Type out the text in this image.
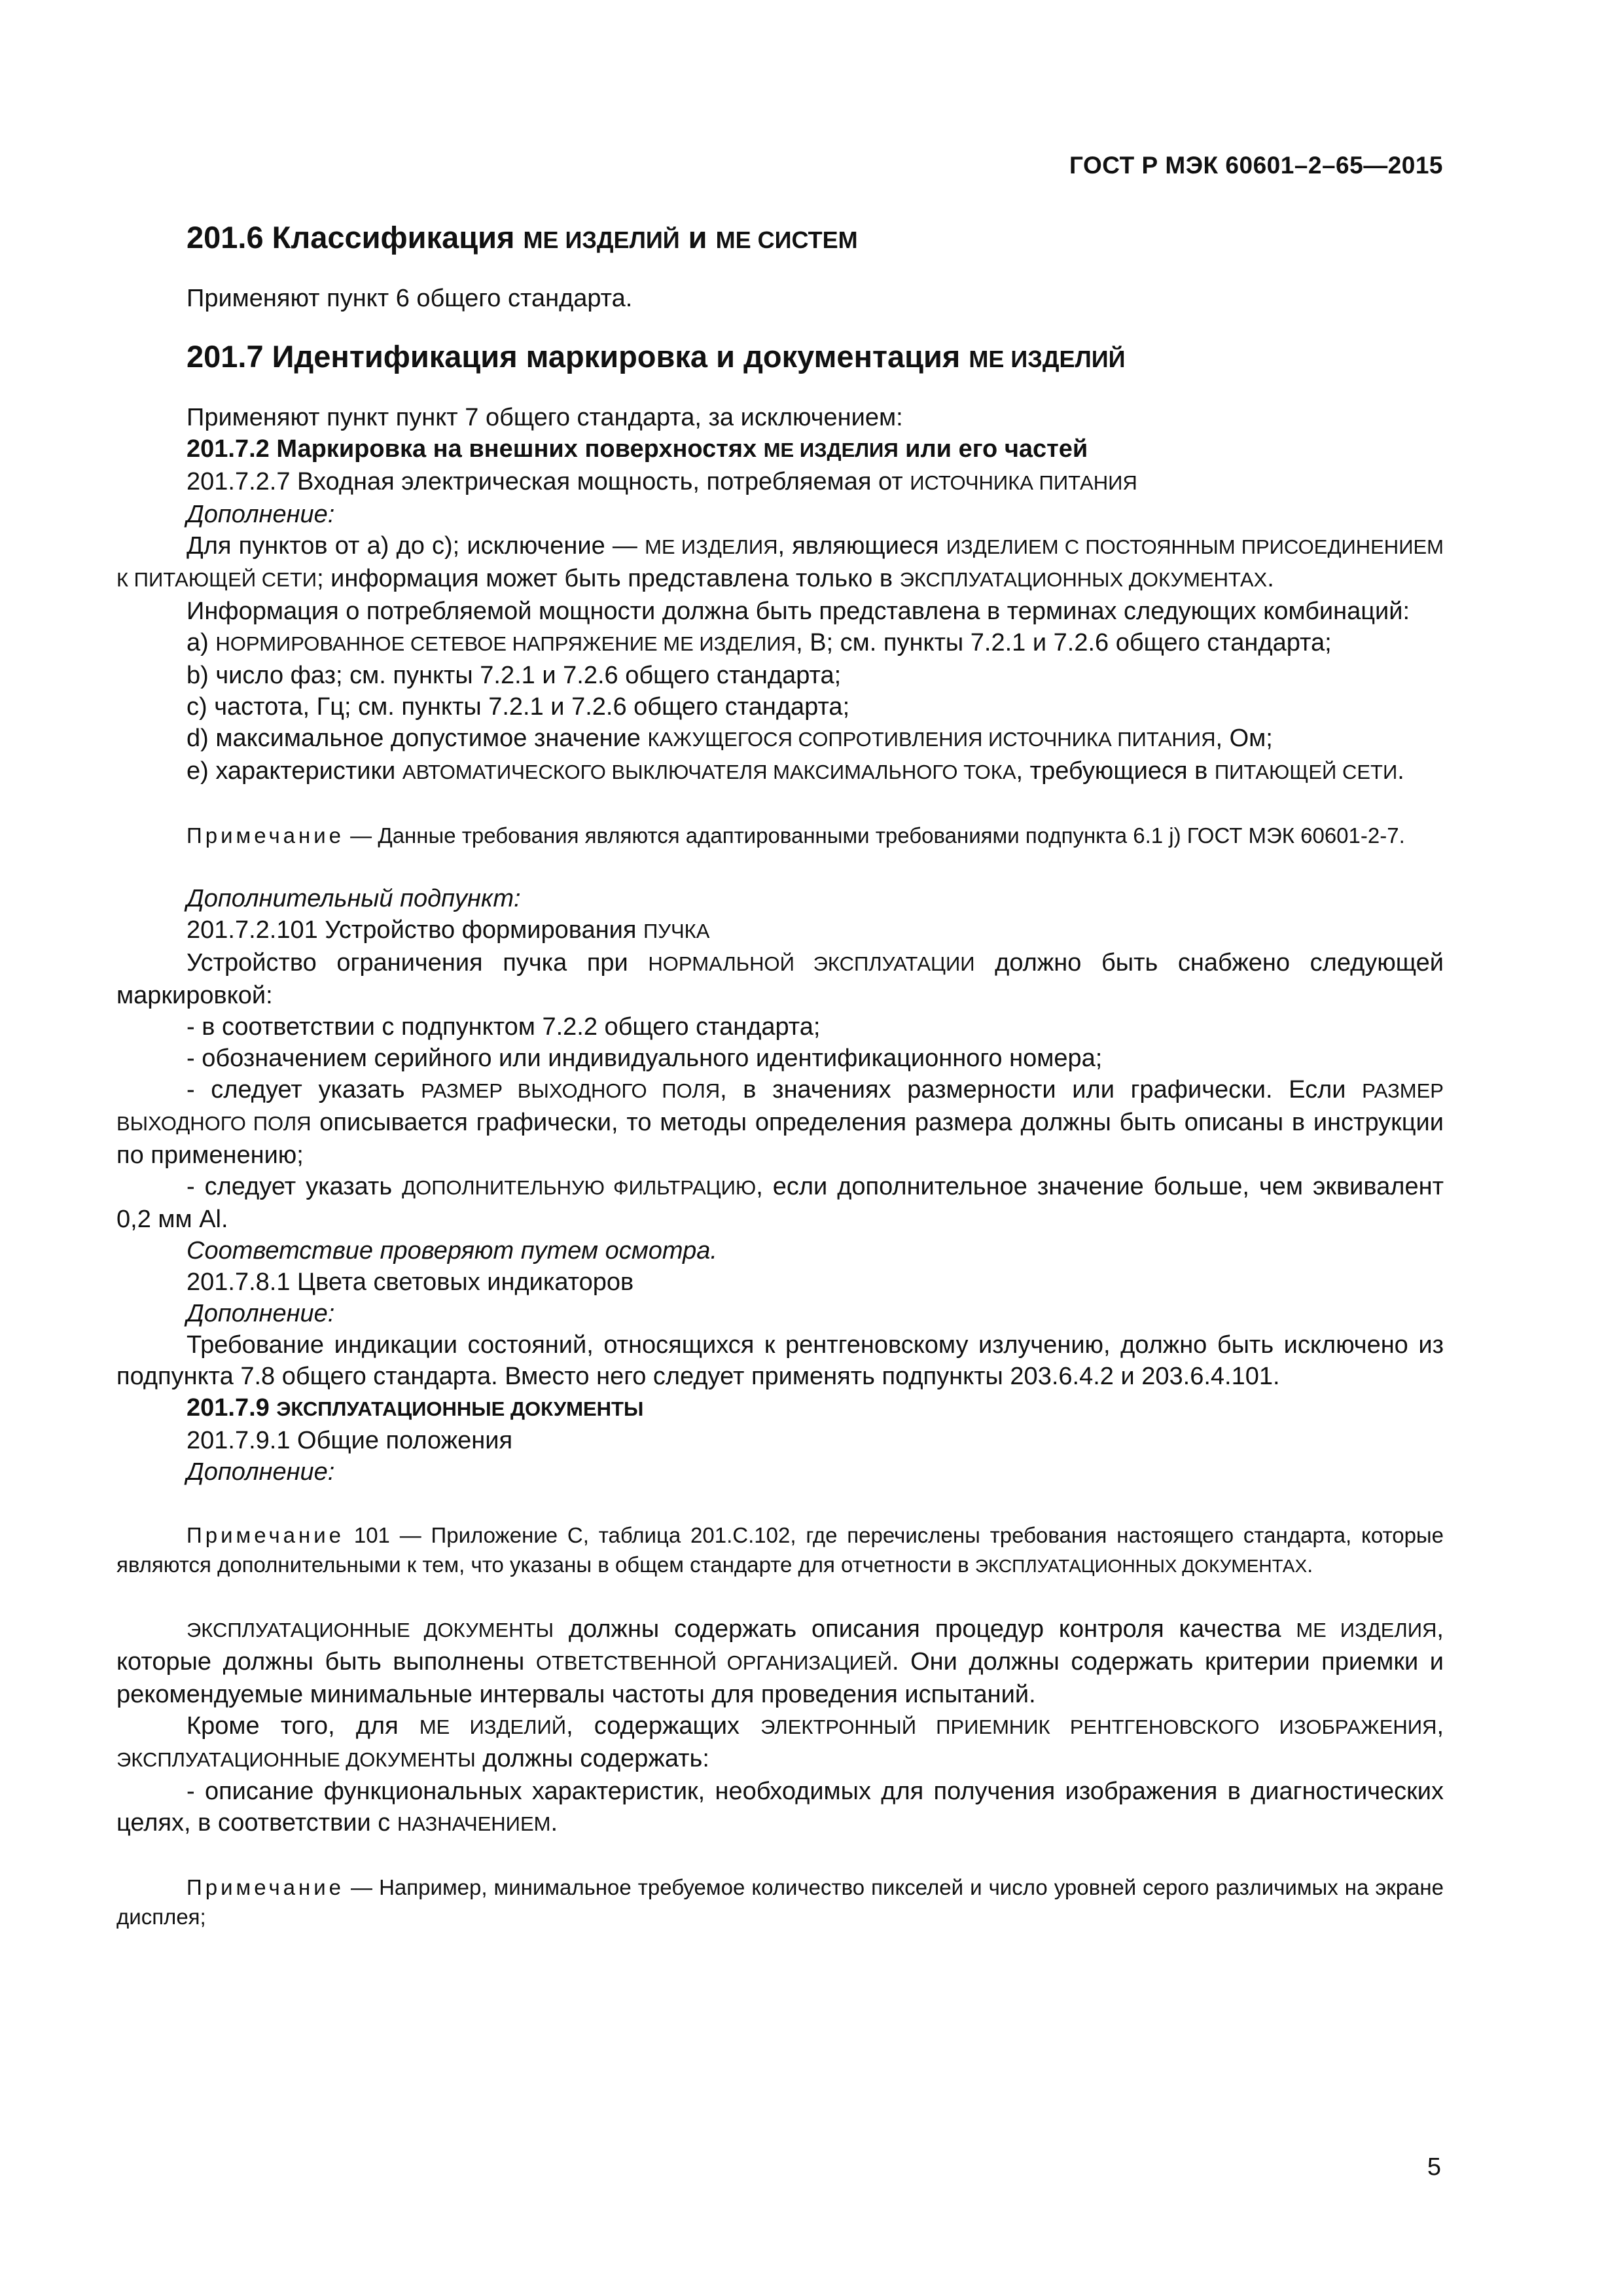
ГОСТ Р МЭК 60601–2–65—2015
201.6 Классификация МЕ ИЗДЕЛИЙ и МЕ СИСТЕМ

Применяют пункт 6 общего стандарта.

201.7 Идентификация маркировка и документация МЕ ИЗДЕЛИЙ

Применяют пункт пункт 7 общего стандарта, за исключением:

201.7.2 Маркировка на внешних поверхностях МЕ ИЗДЕЛИЯ или его частей

201.7.2.7 Входная электрическая мощность, потребляемая от ИСТОЧНИКА ПИТАНИЯ

Дополнение:

Для пунктов от а) до с); исключение — МЕ ИЗДЕЛИЯ, являющиеся ИЗДЕЛИЕМ С ПОСТОЯННЫМ ПРИСОЕДИНЕНИЕМ К ПИТАЮЩЕЙ СЕТИ; информация может быть представлена только в ЭКСПЛУАТАЦИОННЫХ ДОКУМЕНТАХ.

Информация о потребляемой мощности должна быть представлена в терминах следующих комбинаций:

а) НОРМИРОВАННОЕ СЕТЕВОЕ НАПРЯЖЕНИЕ МЕ ИЗДЕЛИЯ, В; см. пункты 7.2.1 и 7.2.6 общего стандарта;

b) число фаз; см. пункты 7.2.1 и 7.2.6 общего стандарта;

с) частота, Гц; см. пункты 7.2.1 и 7.2.6 общего стандарта;

d) максимальное допустимое значение КАЖУЩЕГОСЯ СОПРОТИВЛЕНИЯ ИСТОЧНИКА ПИТАНИЯ, Ом;

е) характеристики АВТОМАТИЧЕСКОГО ВЫКЛЮЧАТЕЛЯ МАКСИМАЛЬНОГО ТОКА, требующиеся в ПИТАЮЩЕЙ СЕТИ.

Примечание — Данные требования являются адаптированными требованиями подпункта 6.1 j) ГОСТ МЭК 60601-2-7.

Дополнительный подпункт:

201.7.2.101 Устройство формирования ПУЧКА

Устройство ограничения пучка при НОРМАЛЬНОЙ ЭКСПЛУАТАЦИИ должно быть снабжено следующей маркировкой:

- в соответствии с подпунктом 7.2.2 общего стандарта;

- обозначением серийного или индивидуального идентификационного номера;

- следует указать РАЗМЕР ВЫХОДНОГО ПОЛЯ, в значениях размерности или графически. Если РАЗМЕР ВЫХОДНОГО ПОЛЯ описывается графически, то методы определения размера должны быть описаны в инструкции по применению;

- следует указать ДОПОЛНИТЕЛЬНУЮ ФИЛЬТРАЦИЮ, если дополнительное значение больше, чем эквивалент 0,2 мм Al.

Соответствие проверяют путем осмотра.

201.7.8.1 Цвета световых индикаторов

Дополнение:

Требование индикации состояний, относящихся к рентгеновскому излучению, должно быть исключено из подпункта 7.8 общего стандарта. Вместо него следует применять подпункты 203.6.4.2 и 203.6.4.101.

201.7.9 ЭКСПЛУАТАЦИОННЫЕ ДОКУМЕНТЫ

201.7.9.1 Общие положения

Дополнение:

Примечание 101 — Приложение С, таблица 201.С.102, где перечислены требования настоящего стандарта, которые являются дополнительными к тем, что указаны в общем стандарте для отчетности в ЭКСПЛУАТАЦИОННЫХ ДОКУМЕНТАХ.

ЭКСПЛУАТАЦИОННЫЕ ДОКУМЕНТЫ должны содержать описания процедур контроля качества МЕ ИЗДЕЛИЯ, которые должны быть выполнены ОТВЕТСТВЕННОЙ ОРГАНИЗАЦИЕЙ. Они должны содержать критерии приемки и рекомендуемые минимальные интервалы частоты для проведения испытаний.

Кроме того, для МЕ ИЗДЕЛИЙ, содержащих ЭЛЕКТРОННЫЙ ПРИЕМНИК РЕНТГЕНОВСКОГО ИЗОБРАЖЕНИЯ, ЭКСПЛУАТАЦИОННЫЕ ДОКУМЕНТЫ должны содержать:

- описание функциональных характеристик, необходимых для получения изображения в диагностических целях, в соответствии с НАЗНАЧЕНИЕМ.

Примечание — Например, минимальное требуемое количество пикселей и число уровней серого различимых на экране дисплея;

5
